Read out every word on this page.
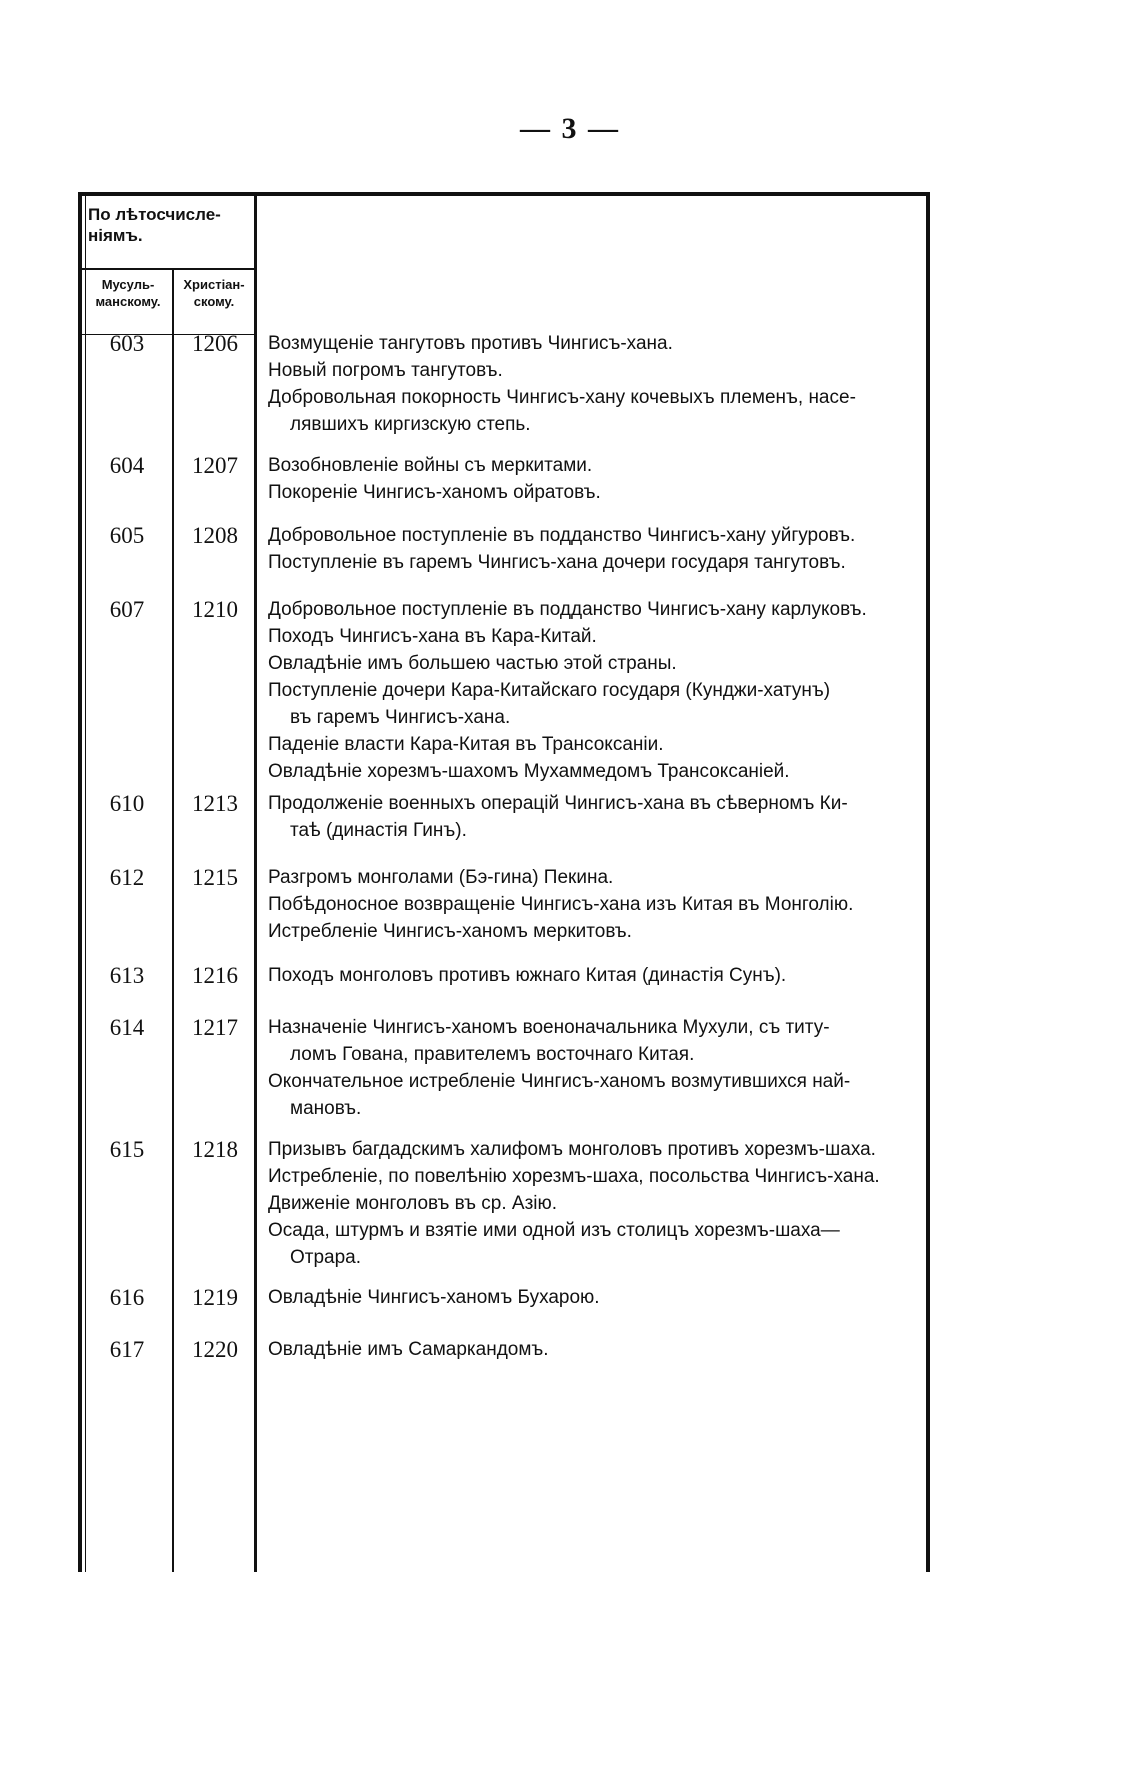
— 3 —
По лѣтосчисле- ніямъ.
Мусуль- манскому.
Христіан- скому.
603	1206	Возмущеніе тангутовъ противъ Чингисъ-хана.
Новый погромъ тангутовъ.
Добровольная покорность Чингисъ-хану кочевыхъ племенъ, насе-
лявшихъ киргизскую степь.
604	1207	Возобновленіе войны съ меркитами.
Покореніе Чингисъ-ханомъ ойратовъ.
605	1208	Добровольное поступленіе въ подданство Чингисъ-хану уйгуровъ.
Поступленіе въ гаремъ Чингисъ-хана дочери государя тангутовъ.
607	1210	Добровольное поступленіе въ подданство Чингисъ-хану карлуковъ.
Походъ Чингисъ-хана въ Кара-Китай.
Овладѣніе имъ большею частью этой страны.
Поступленіе дочери Кара-Китайскаго государя (Кунджи-хатунъ)
въ гаремъ Чингисъ-хана.
Паденіе власти Кара-Китая въ Трансоксаніи.
Овладѣніе хорезмъ-шахомъ Мухаммедомъ Трансоксаніей.
610	1213	Продолженіе военныхъ операцій Чингисъ-хана въ сѣверномъ Ки-
таѣ (династія Гинъ).
612	1215	Разгромъ монголами (Бэ-гина) Пекина.
Побѣдоносное возвращеніе Чингисъ-хана изъ Китая въ Монголію.
Истребленіе Чингисъ-ханомъ меркитовъ.
613	1216	Походъ монголовъ противъ южнаго Китая (династія Сунъ).
614	1217	Назначеніе Чингисъ-ханомъ военоначальника Мухули, съ титу-
ломъ Гована, правителемъ восточнаго Китая.
Окончательное истребленіе Чингисъ-ханомъ возмутившихся най-
мановъ.
615	1218	Призывъ багдадскимъ халифомъ монголовъ противъ хорезмъ-шаха.
Истребленіе, по повелѣнію хорезмъ-шаха, посольства Чингисъ-хана.
Движеніе монголовъ въ ср. Азію.
Осада, штурмъ и взятіе ими одной изъ столицъ хорезмъ-шаха—
Отрара.
616	1219	Овладѣніе Чингисъ-ханомъ Бухарою.
617	1220	Овладѣніе имъ Самаркандомъ.
